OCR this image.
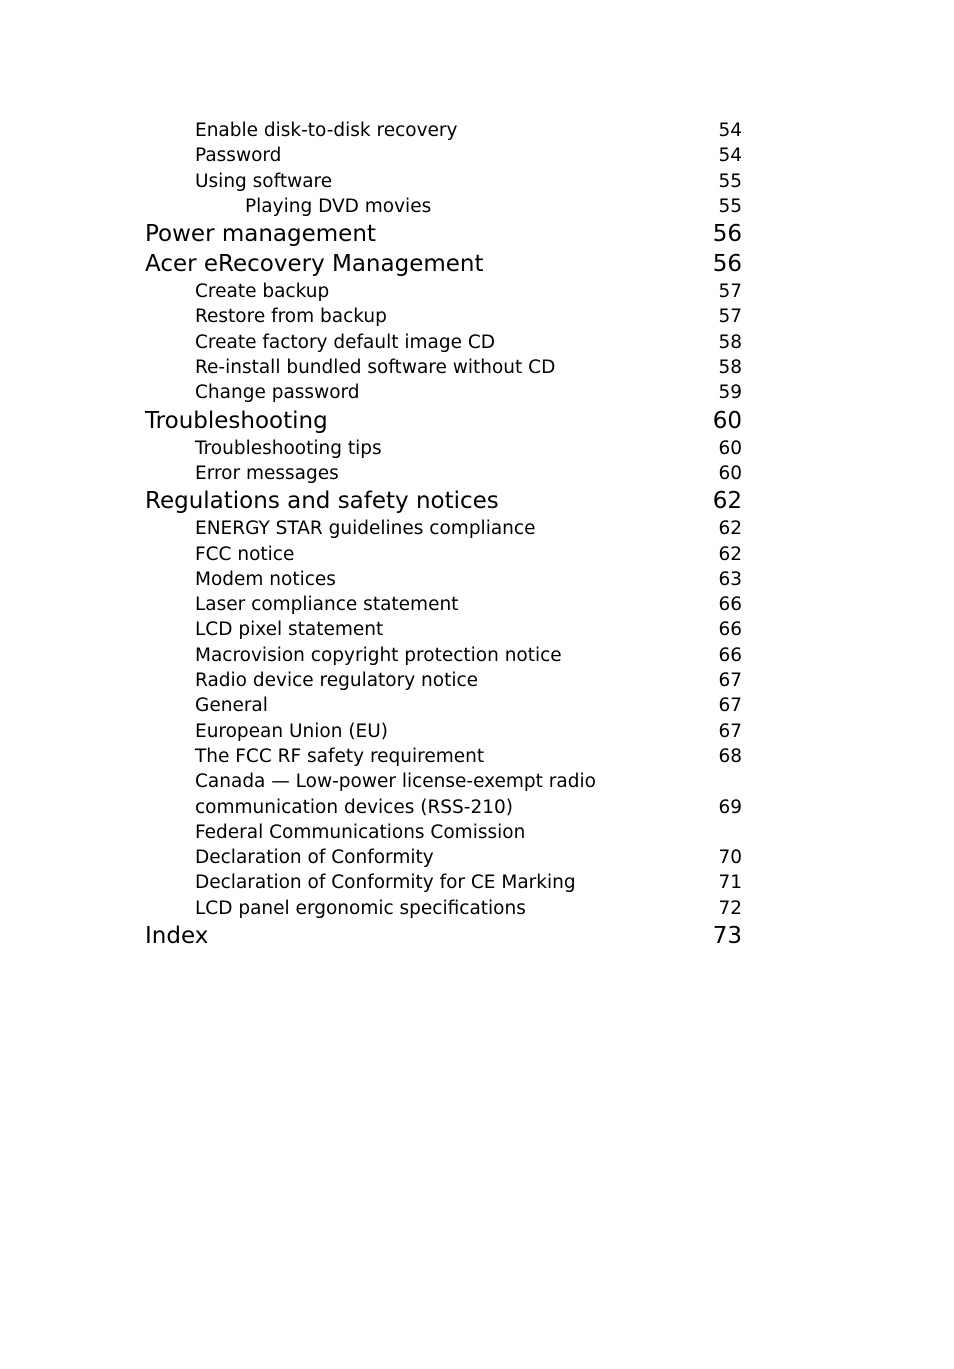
Enable disk-to-disk recovery	54
Password	54
Using software	55
Playing DVD movies	55
Power management	56
Acer eRecovery Management	56
Create backup	57
Restore from backup	57
Create factory default image CD	58
Re-install bundled software without CD	58
Change password	59
Troubleshooting	60
Troubleshooting tips	60
Error messages	60
Regulations and safety notices	62
ENERGY STAR guidelines compliance	62
FCC notice	62
Modem notices	63
Laser compliance statement	66
LCD pixel statement	66
Macrovision copyright protection notice	66
Radio device regulatory notice	67
General	67
European Union (EU)	67
The FCC RF safety requirement	68
Canada — Low-power license-exempt radio
communication devices (RSS-210)	69
Federal Communications Comission
Declaration of Conformity	70
Declaration of Conformity for CE Marking	71
LCD panel ergonomic specifications	72
Index	73
